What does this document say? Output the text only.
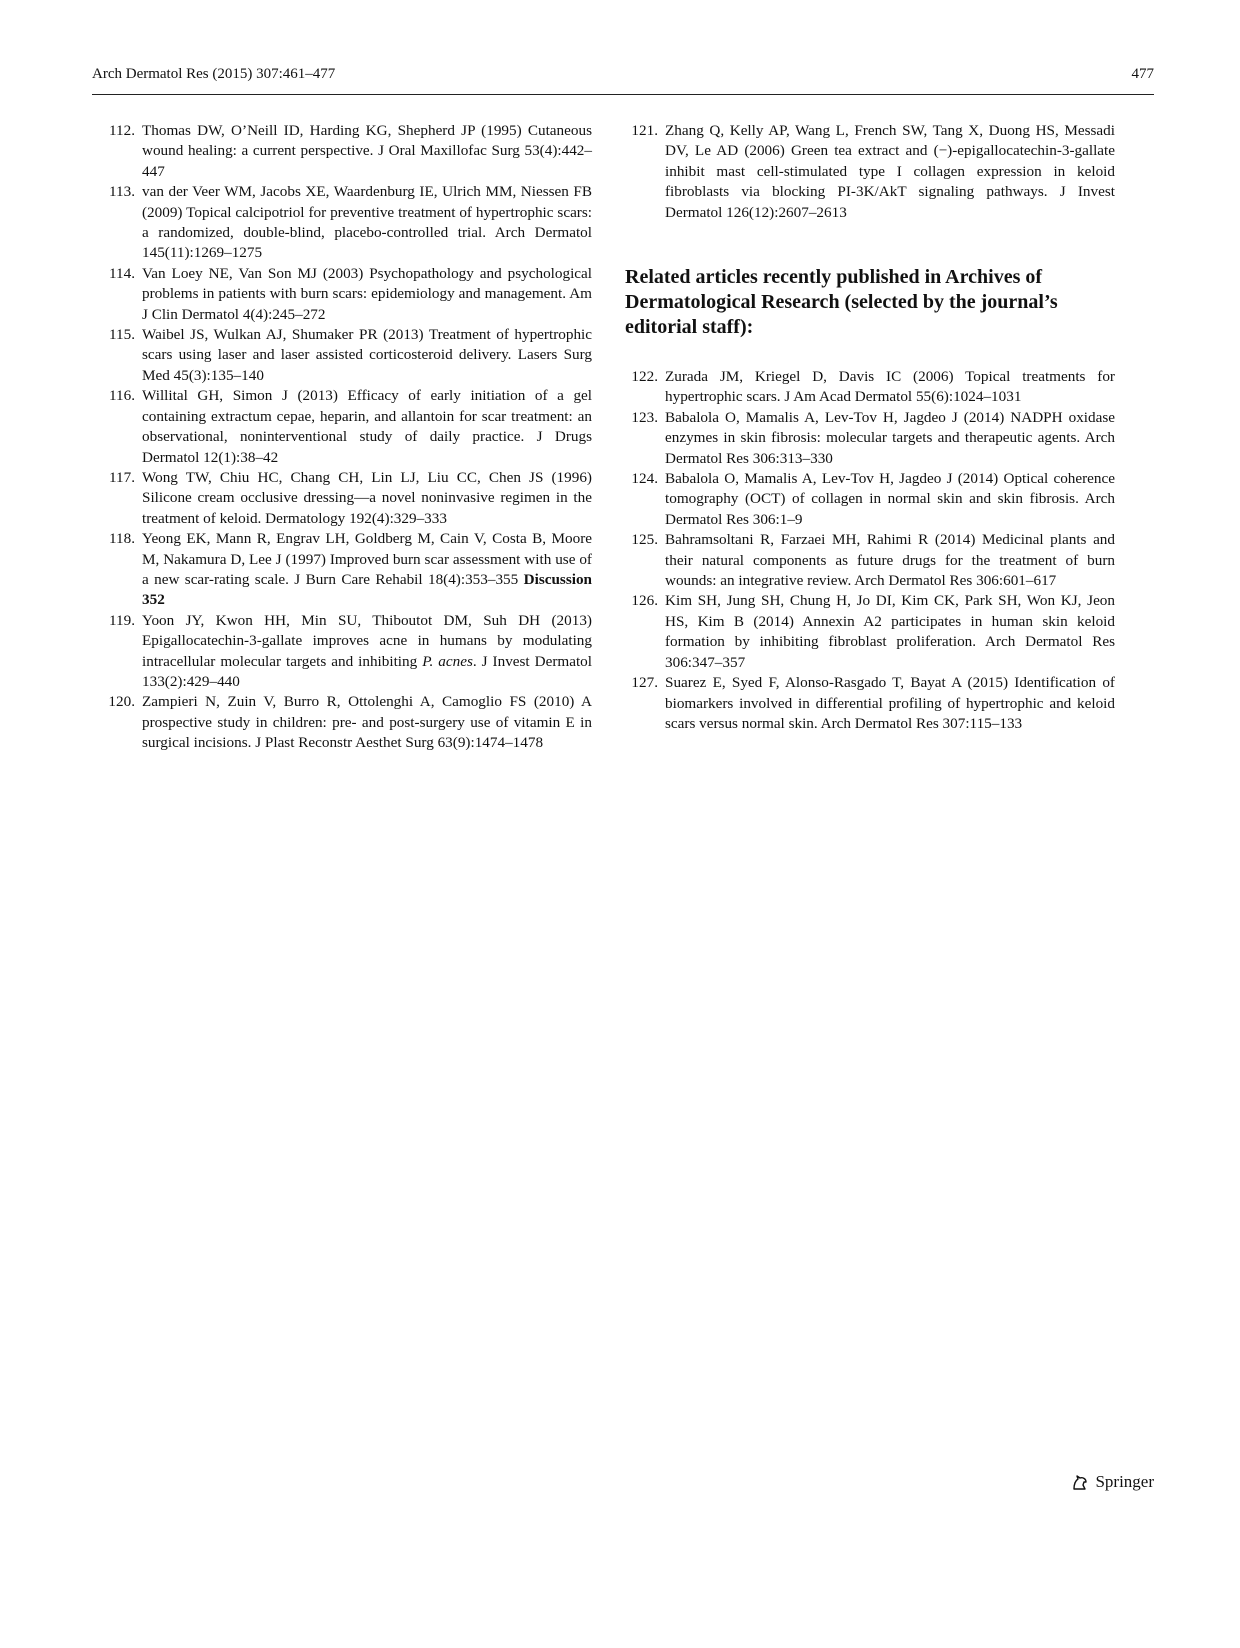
Arch Dermatol Res (2015) 307:461–477	477
112. Thomas DW, O’Neill ID, Harding KG, Shepherd JP (1995) Cutaneous wound healing: a current perspective. J Oral Maxillofac Surg 53(4):442–447
113. van der Veer WM, Jacobs XE, Waardenburg IE, Ulrich MM, Niessen FB (2009) Topical calcipotriol for preventive treatment of hypertrophic scars: a randomized, double-blind, placebo-controlled trial. Arch Dermatol 145(11):1269–1275
114. Van Loey NE, Van Son MJ (2003) Psychopathology and psychological problems in patients with burn scars: epidemiology and management. Am J Clin Dermatol 4(4):245–272
115. Waibel JS, Wulkan AJ, Shumaker PR (2013) Treatment of hypertrophic scars using laser and laser assisted corticosteroid delivery. Lasers Surg Med 45(3):135–140
116. Willital GH, Simon J (2013) Efficacy of early initiation of a gel containing extractum cepae, heparin, and allantoin for scar treatment: an observational, noninterventional study of daily practice. J Drugs Dermatol 12(1):38–42
117. Wong TW, Chiu HC, Chang CH, Lin LJ, Liu CC, Chen JS (1996) Silicone cream occlusive dressing—a novel noninvasive regimen in the treatment of keloid. Dermatology 192(4):329–333
118. Yeong EK, Mann R, Engrav LH, Goldberg M, Cain V, Costa B, Moore M, Nakamura D, Lee J (1997) Improved burn scar assessment with use of a new scar-rating scale. J Burn Care Rehabil 18(4):353–355 Discussion 352
119. Yoon JY, Kwon HH, Min SU, Thiboutot DM, Suh DH (2013) Epigallocatechin-3-gallate improves acne in humans by modulating intracellular molecular targets and inhibiting P. acnes. J Invest Dermatol 133(2):429–440
120. Zampieri N, Zuin V, Burro R, Ottolenghi A, Camoglio FS (2010) A prospective study in children: pre- and post-surgery use of vitamin E in surgical incisions. J Plast Reconstr Aesthet Surg 63(9):1474–1478
121. Zhang Q, Kelly AP, Wang L, French SW, Tang X, Duong HS, Messadi DV, Le AD (2006) Green tea extract and (−)-epigallocatechin-3-gallate inhibit mast cell-stimulated type I collagen expression in keloid fibroblasts via blocking PI-3K/AkT signaling pathways. J Invest Dermatol 126(12):2607–2613
Related articles recently published in Archives of Dermatological Research (selected by the journal’s editorial staff):
122. Zurada JM, Kriegel D, Davis IC (2006) Topical treatments for hypertrophic scars. J Am Acad Dermatol 55(6):1024–1031
123. Babalola O, Mamalis A, Lev-Tov H, Jagdeo J (2014) NADPH oxidase enzymes in skin fibrosis: molecular targets and therapeutic agents. Arch Dermatol Res 306:313–330
124. Babalola O, Mamalis A, Lev-Tov H, Jagdeo J (2014) Optical coherence tomography (OCT) of collagen in normal skin and skin fibrosis. Arch Dermatol Res 306:1–9
125. Bahramsoltani R, Farzaei MH, Rahimi R (2014) Medicinal plants and their natural components as future drugs for the treatment of burn wounds: an integrative review. Arch Dermatol Res 306:601–617
126. Kim SH, Jung SH, Chung H, Jo DI, Kim CK, Park SH, Won KJ, Jeon HS, Kim B (2014) Annexin A2 participates in human skin keloid formation by inhibiting fibroblast proliferation. Arch Dermatol Res 306:347–357
127. Suarez E, Syed F, Alonso-Rasgado T, Bayat A (2015) Identification of biomarkers involved in differential profiling of hypertrophic and keloid scars versus normal skin. Arch Dermatol Res 307:115–133
Springer
